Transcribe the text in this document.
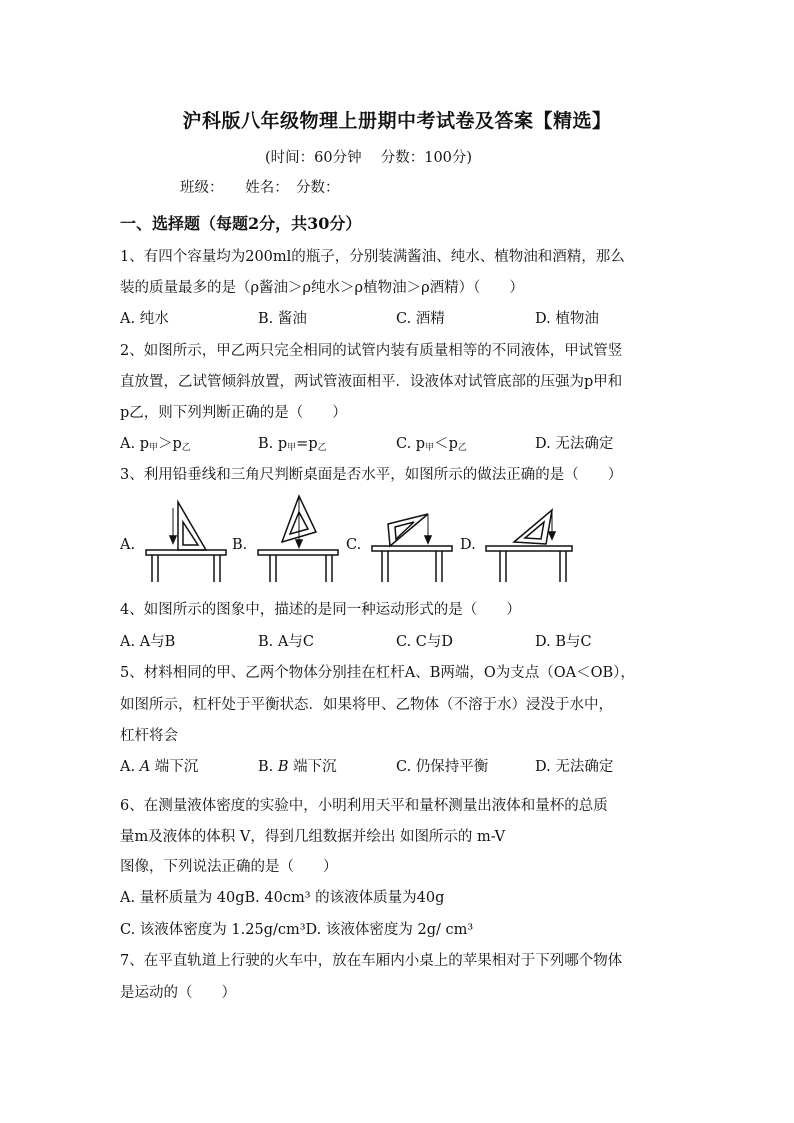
沪科版八年级物理上册期中考试卷及答案【精选】
(时间：60分钟　 分数：100分)
班级：　　姓名：　分数：
一、选择题（每题2分，共30分）
1、有四个容量均为200ml的瓶子，分别装满酱油、纯水、植物油和酒精，那么
装的质量最多的是（ρ酱油＞ρ纯水＞ρ植物油＞ρ酒精）（　　）
A. 纯水	B. 酱油	C. 酒精	D. 植物油
2、如图所示，甲乙两只完全相同的试管内装有质量相等的不同液体，甲试管竖
直放置，乙试管倾斜放置，两试管液面相平．设液体对试管底部的压强为p甲和
p乙，则下列判断正确的是（　　）
A. $p_甲>p_乙$	B. $p_甲=p_乙$	C. $p_甲<p_乙$	D. 无法确定
3、利用铅垂线和三角尺判断桌面是否水平，如图所示的做法正确的是（　　）
A.	B.	C.	D.
4、如图所示的图象中，描述的是同一种运动形式的是（　　）
A. A与B	B. A与C	C. C与D	D. B与C
5、材料相同的甲、乙两个物体分别挂在杠杆A、B两端，O为支点（OA＜OB），
如图所示，杠杆处于平衡状态．如果将甲、乙物体（不溶于水）浸没于水中，
杠杆将会
A. A 端下沉	B. B 端下沉	C. 仍保持平衡	D. 无法确定
6、在测量液体密度的实验中，小明利用天平和量杯测量出液体和量杯的总质
量m及液体的体积 V，得到几组数据并绘出 如图所示的 m-V
图像，下列说法正确的是（　　）
A. 量杯质量为 40gB. 40cm³ 的该液体质量为40g
C. 该液体密度为 1.25g/cm³D. 该液体密度为 2g/ cm³
7、在平直轨道上行驶的火车中，放在车厢内小桌上的苹果相对于下列哪个物体
是运动的（　　）
